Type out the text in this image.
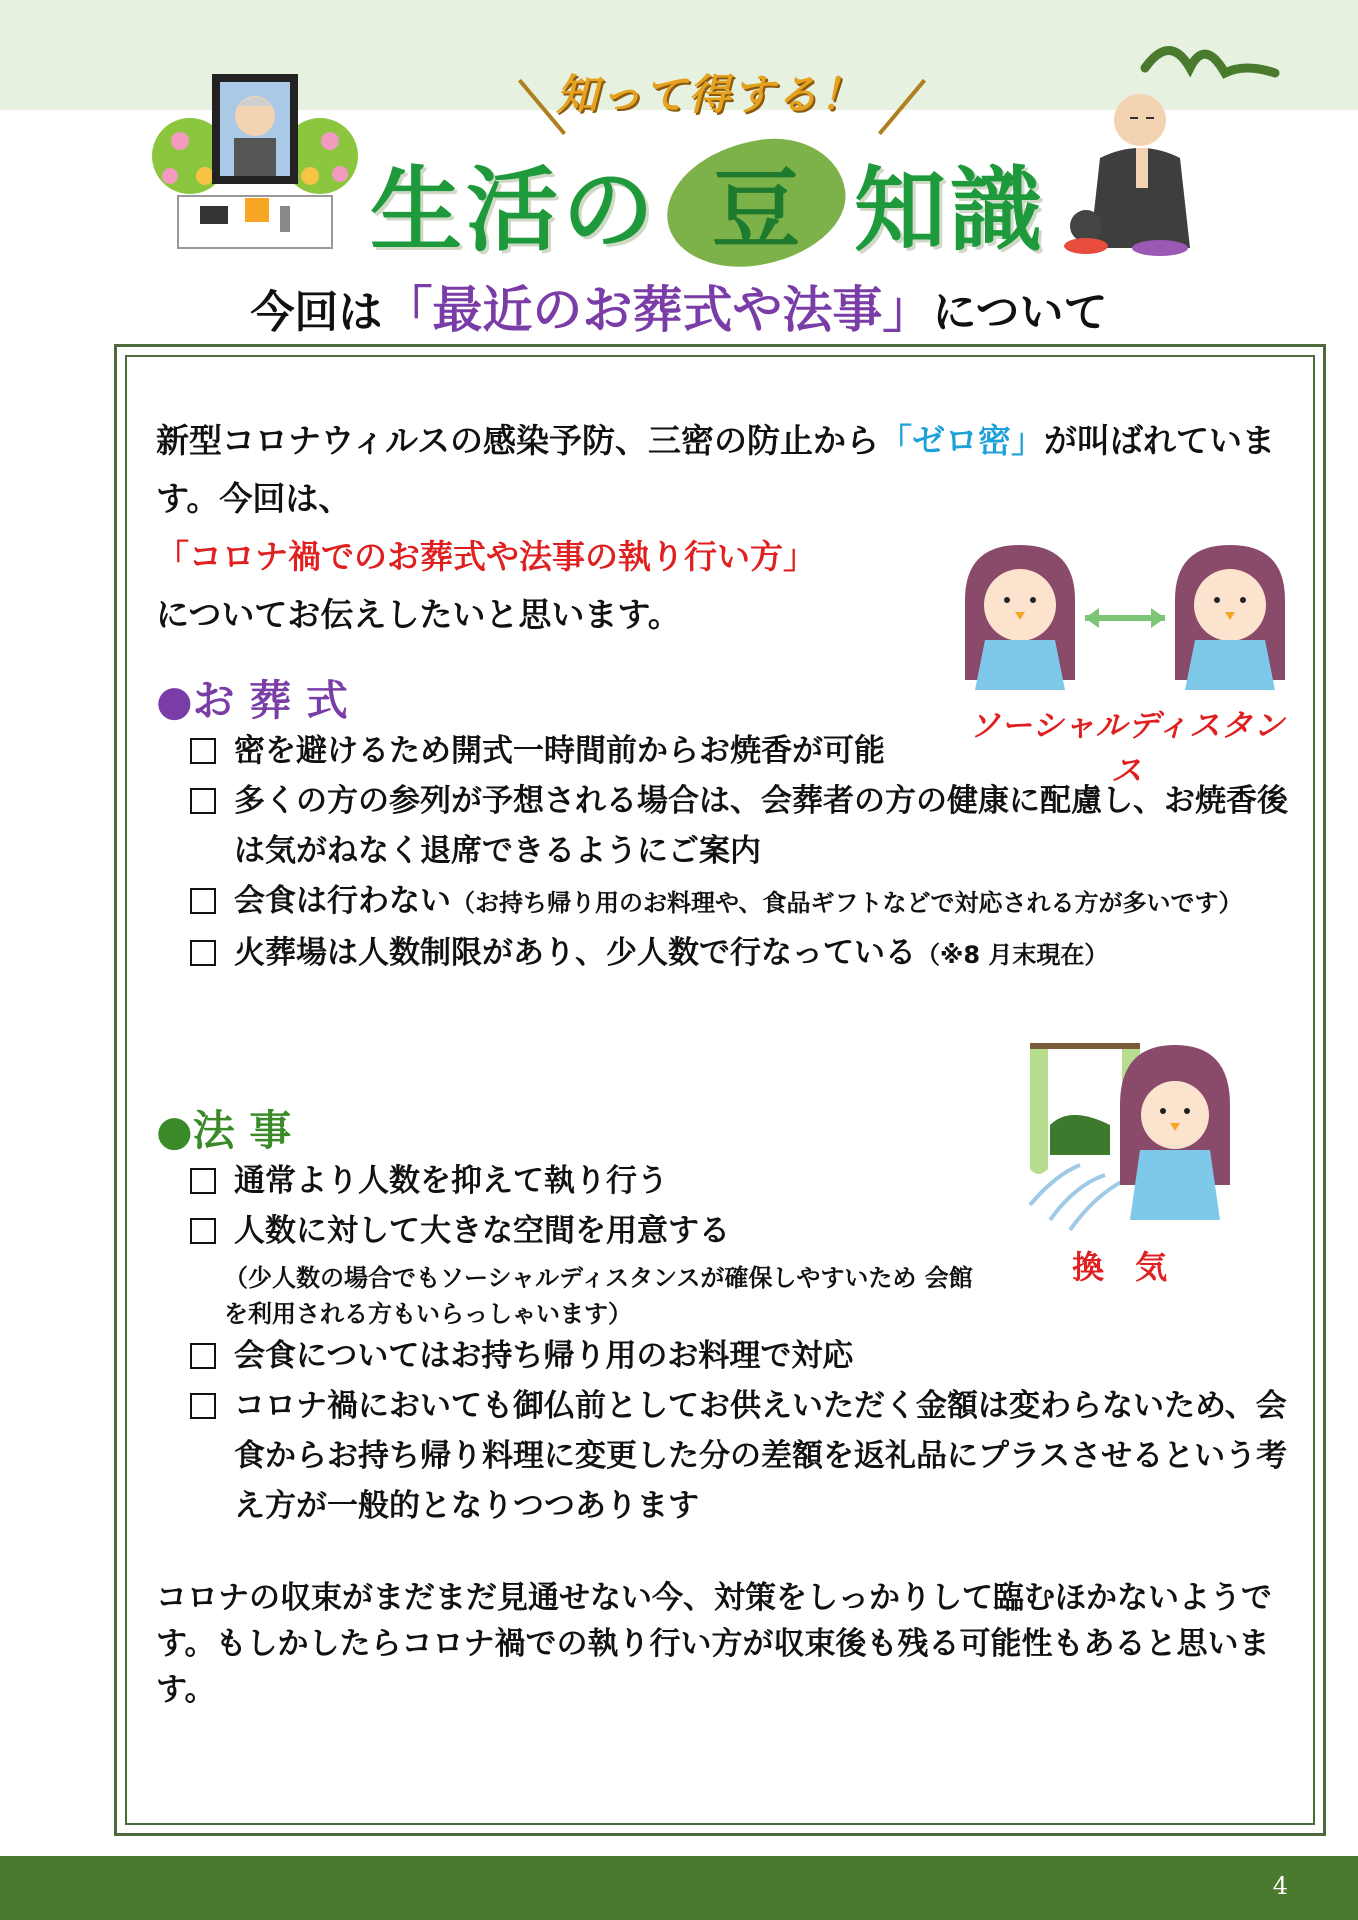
知って得する！
生活の 豆 知識
今回は「最近のお葬式や法事」について

新型コロナウィルスの感染予防、三密の防止から「ゼロ密」が叫ばれています。今回は、
「コロナ禍でのお葬式や法事の執り行い方」
についてお伝えしたいと思います。

ソーシャルディスタンス
●お 葬 式
密を避けるため開式一時間前からお焼香が可能
多くの方の参列が予想される場合は、会葬者の方の健康に配慮し、お焼香後は気がねなく退席できるようにご案内
会食は行わない（お持ち帰り用のお料理や、食品ギフトなどで対応される方が多いです）
火葬場は人数制限があり、少人数で行なっている（※8 月末現在）
換 気
●法 事
通常より人数を抑えて執り行う
人数に対して大きな空間を用意する
（少人数の場合でもソーシャルディスタンスが確保しやすいため 会館を利用される方もいらっしゃいます）
会食についてはお持ち帰り用のお料理で対応
コロナ禍においても御仏前としてお供えいただく金額は変わらないため、会食からお持ち帰り料理に変更した分の差額を返礼品にプラスさせるという考え方が一般的となりつつあります

コロナの収束がまだまだ見通せない今、対策をしっかりして臨むほかないようです。もしかしたらコロナ禍での執り行い方が収束後も残る可能性もあると思います。

4
